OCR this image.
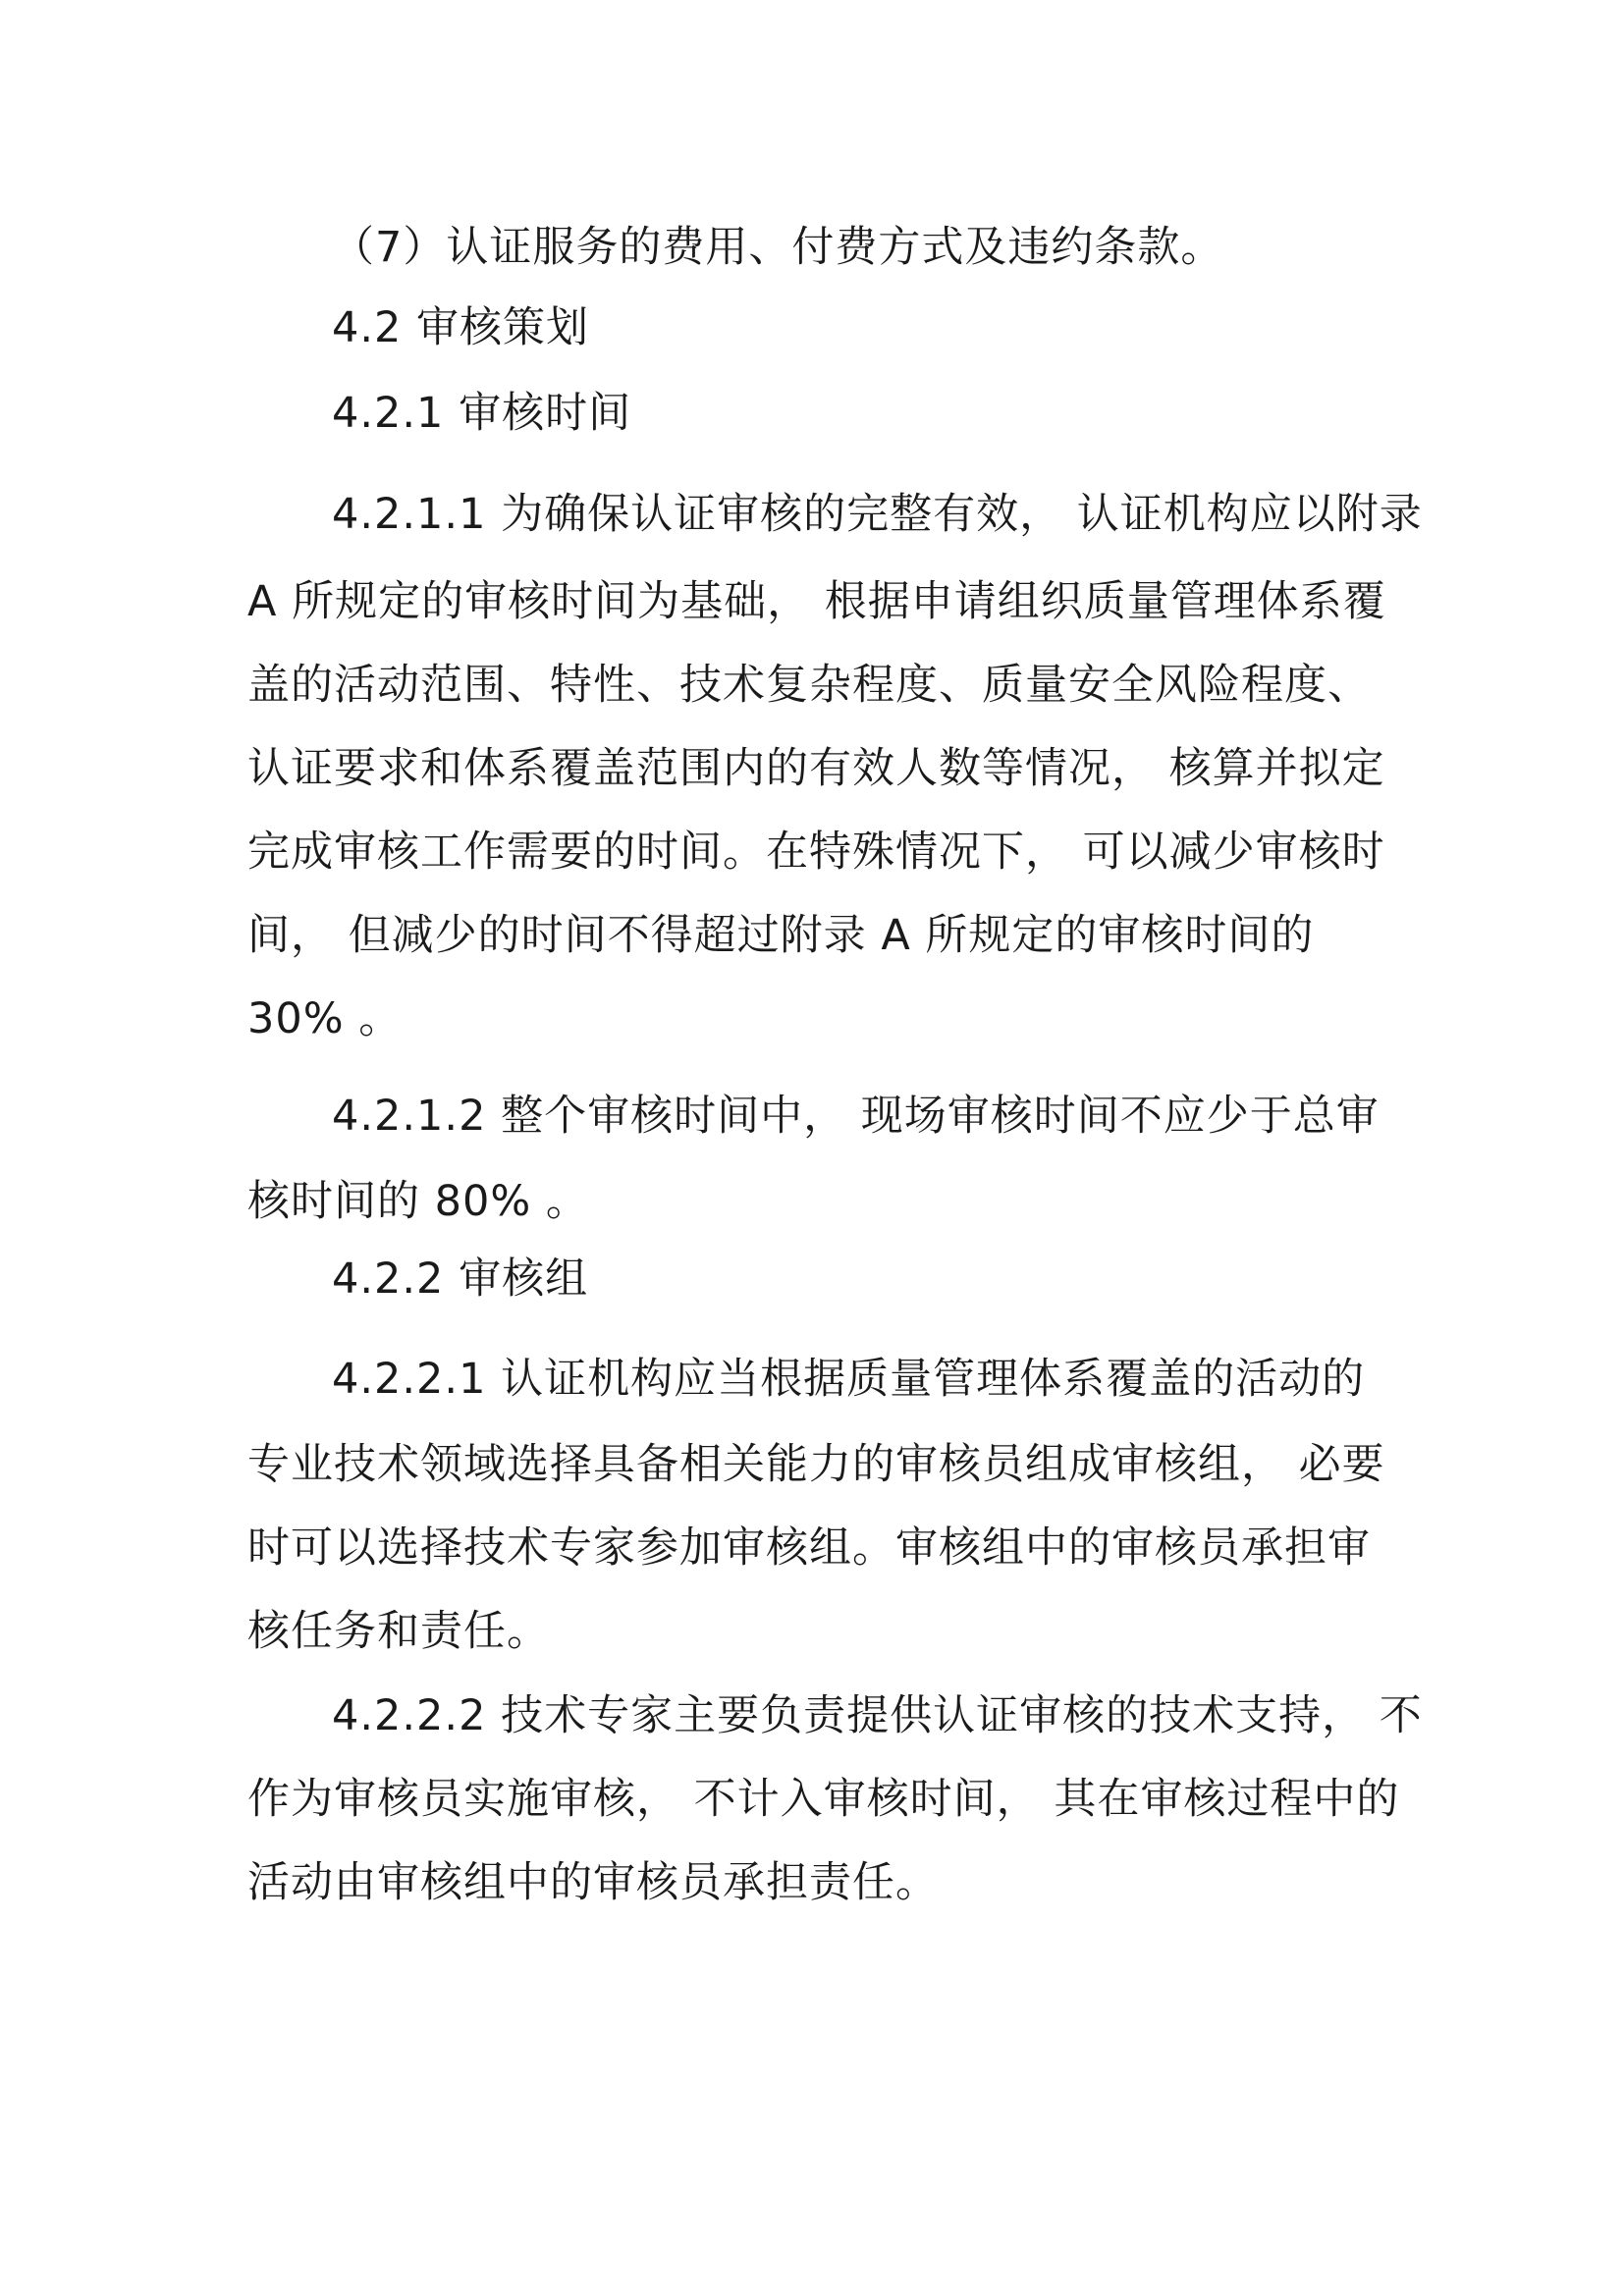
（7）认证服务的费用、付费方式及违约条款。
4.2 审核策划
4.2.1 审核时间
4.2.1.1 为确保认证审核的完整有效， 认证机构应以附录
A 所规定的审核时间为基础， 根据申请组织质量管理体系覆
盖的活动范围、特性、技术复杂程度、质量安全风险程度、
认证要求和体系覆盖范围内的有效人数等情况， 核算并拟定
完成审核工作需要的时间。在特殊情况下， 可以减少审核时
间， 但减少的时间不得超过附录 A 所规定的审核时间的
30% 。
4.2.1.2 整个审核时间中， 现场审核时间不应少于总审
核时间的 80% 。
4.2.2 审核组
4.2.2.1 认证机构应当根据质量管理体系覆盖的活动的
专业技术领域选择具备相关能力的审核员组成审核组， 必要
时可以选择技术专家参加审核组。审核组中的审核员承担审
核任务和责任。
4.2.2.2 技术专家主要负责提供认证审核的技术支持， 不
作为审核员实施审核， 不计入审核时间， 其在审核过程中的
活动由审核组中的审核员承担责任。
